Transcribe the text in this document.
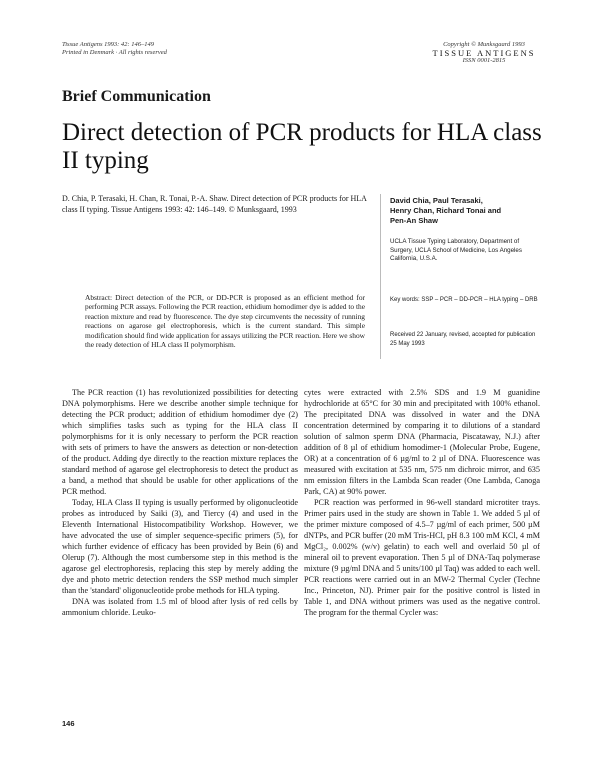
Tissue Antigens 1993: 42: 146–149
Printed in Denmark · All rights reserved
Copyright © Munksgaard 1993
TISSUE ANTIGENS
ISSN 0001-2815
Brief Communication
Direct detection of PCR products for HLA class II typing
D. Chia, P. Terasaki, H. Chan, R. Tonai, P.-A. Shaw. Direct detection of PCR products for HLA class II typing. Tissue Antigens 1993: 42: 146–149. © Munksgaard, 1993
David Chia, Paul Terasaki,
Henry Chan, Richard Tonai and
Pen-An Shaw
UCLA Tissue Typing Laboratory, Department of Surgery, UCLA School of Medicine, Los Angeles California, U.S.A.
Abstract: Direct detection of the PCR, or DD-PCR is proposed as an efficient method for performing PCR assays. Following the PCR reaction, ethidium homodimer dye is added to the reaction mixture and read by fluorescence. The dye step circumvents the necessity of running reactions on agarose gel electrophoresis, which is the current standard. This simple modification should find wide application for assays utilizing the PCR reaction. Here we show the ready detection of HLA class II polymorphism.
Key words: SSP – PCR – DD-PCR – HLA typing – DRB
Received 22 January, revised, accepted for publication 25 May 1993

The PCR reaction (1) has revolutionized possibilities for detecting DNA polymorphisms. Here we describe another simple technique for detecting the PCR product; addition of ethidium homodimer dye (2) which simplifies tasks such as typing for the HLA class II polymorphisms for it is only necessary to perform the PCR reaction with sets of primers to have the answers as detection or non-detection of the product. Adding dye directly to the reaction mixture replaces the standard method of agarose gel electrophoresis to detect the product as a band, a method that should be usable for other applications of the PCR method.

Today, HLA Class II typing is usually performed by oligonucleotide probes as introduced by Saiki (3), and Tiercy (4) and used in the Eleventh International Histocompatibility Workshop. However, we have advocated the use of simpler sequence-specific primers (5), for which further evidence of efficacy has been provided by Bein (6) and Olerup (7). Although the most cumbersome step in this method is the agarose gel electrophoresis, replacing this step by merely adding the dye and photo metric detection renders the SSP method much simpler than the 'standard' oligonucleotide probe methods for HLA typing.

DNA was isolated from 1.5 ml of blood after lysis of red cells by ammonium chloride. Leuko-

cytes were extracted with 2.5% SDS and 1.9 M guanidine hydrochloride at 65°C for 30 min and precipitated with 100% ethanol. The precipitated DNA was dissolved in water and the DNA concentration determined by comparing it to dilutions of a standard solution of salmon sperm DNA (Pharmacia, Piscataway, N.J.) after addition of 8 µl of ethidium homodimer-1 (Molecular Probe, Eugene, OR) at a concentration of 6 µg/ml to 2 µl of DNA. Fluorescence was measured with excitation at 535 nm, 575 nm dichroic mirror, and 635 nm emission filters in the Lambda Scan reader (One Lambda, Canoga Park, CA) at 90% power.

PCR reaction was performed in 96-well standard microtiter trays. Primer pairs used in the study are shown in Table 1. We added 5 µl of the primer mixture composed of 4.5–7 µg/ml of each primer, 500 µM dNTPs, and PCR buffer (20 mM Tris-HCl, pH 8.3 100 mM KCl, 4 mM MgCl₂, 0.002% (w/v) gelatin) to each well and overlaid 50 µl of mineral oil to prevent evaporation. Then 5 µl of DNA-Taq polymerase mixture (9 µg/ml DNA and 5 units/100 µl Taq) was added to each well. PCR reactions were carried out in an MW-2 Thermal Cycler (Techne Inc., Princeton, NJ). Primer pair for the positive control is listed in Table 1, and DNA without primers was used as the negative control. The program for the thermal Cycler was:

146
